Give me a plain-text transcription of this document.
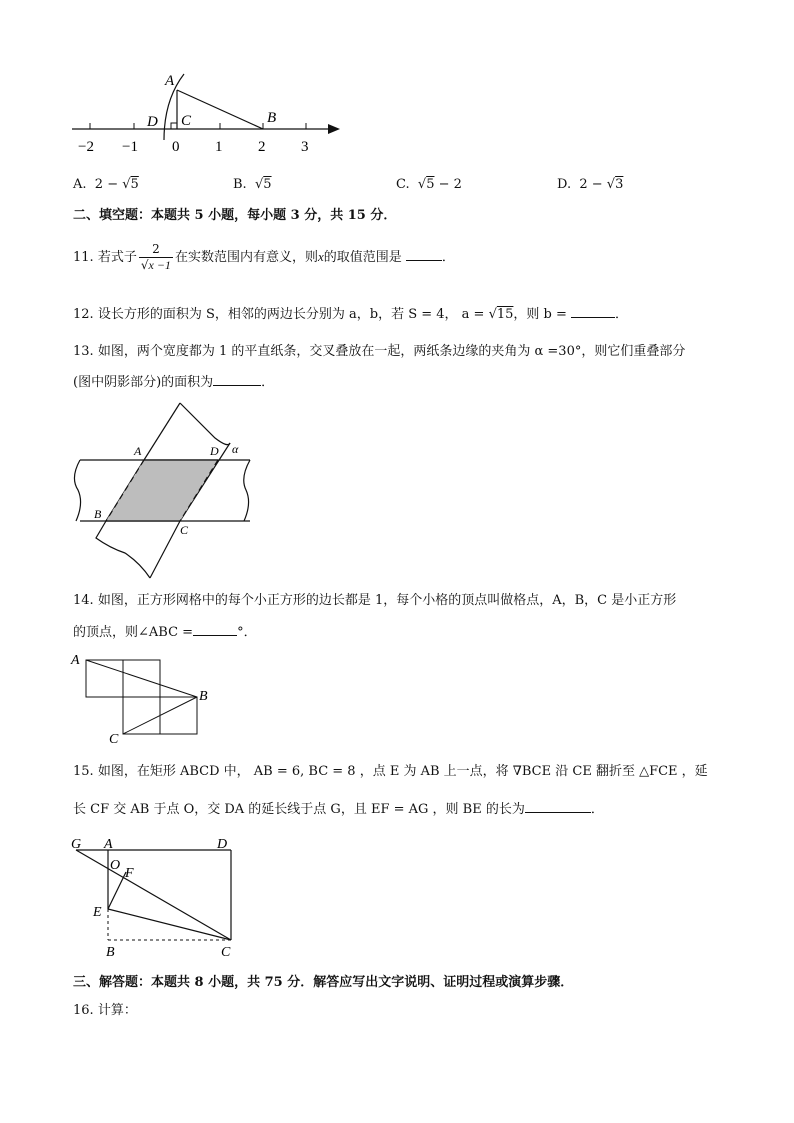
A
D C	B
−2 −1 0 1 2 3
A. 2 − √5	B. √5	C. √5 − 2	D. 2 − √3
二、填空题：本题共 5 小题，每小题 3 分，共 15 分．
11. 若式子 $\frac{2}{√x -1}$ 在实数范围内有意义，则x的取值范围是	．
12. 设长方形的面积为 S，相邻的两边长分别为 a，b，若 S = 4， a = √15，则 b =	．
13. 如图，两个宽度都为 1 的平直纸条，交叉叠放在一起，两纸条边缘的夹角为 α =30°，则它们重叠部分
(图中阴影部分)的面积为	．
A	D α
B
C
14. 如图，正方形网格中的每个小正方形的边长都是 1，每个小格的顶点叫做格点，A，B，C 是小正方形
的顶点，则∠ABC =	°．
A
B
C
15. 如图，在矩形 ABCD 中， AB = 6, BC = 8 ，点 E 为 AB 上一点，将 ∇BCE 沿 CE 翻折至 △FCE ，延
长 CF 交 AB 于点 O，交 DA 的延长线于点 G，且 EF = AG ，则 BE 的长为	．
G A	D
O
F
E
B	C
三、解答题：本题共 8 小题，共 75 分．解答应写出文字说明、证明过程或演算步骤．
16. 计算：
